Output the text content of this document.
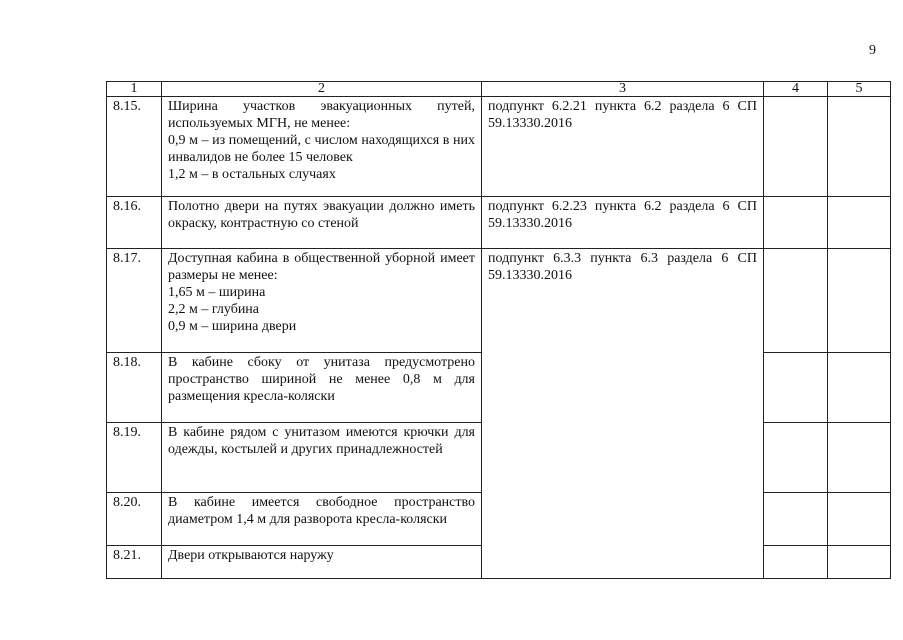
9
1	2	3	4	5
8.15.	Ширина участков эвакуационных путей, используемых МГН, не менее:
0,9 м – из помещений, с числом находящихся в них инвалидов не более 15 человек
1,2 м – в остальных случаях	подпункт 6.2.21 пункта 6.2 раздела 6 СП 59.13330.2016		
8.16.	Полотно двери на путях эвакуации должно иметь окраску, контрастную со стеной	подпункт 6.2.23 пункта 6.2 раздела 6 СП 59.13330.2016		
8.17.	Доступная кабина в общественной уборной имеет размеры не менее:
1,65 м – ширина
2,2 м – глубина
0,9 м – ширина двери	подпункт 6.3.3 пункта 6.3 раздела 6 СП 59.13330.2016		
8.18.	В кабине сбоку от унитаза предусмотрено пространство шириной не менее 0,8 м для размещения кресла-коляски			

8.19.	В кабине рядом с унитазом имеются крючки для одежды, костылей и других принадлежностей			

8.20.	В кабине имеется свободное пространство диаметром 1,4 м для разворота кресла-коляски			

8.21.	Двери открываются наружу			
